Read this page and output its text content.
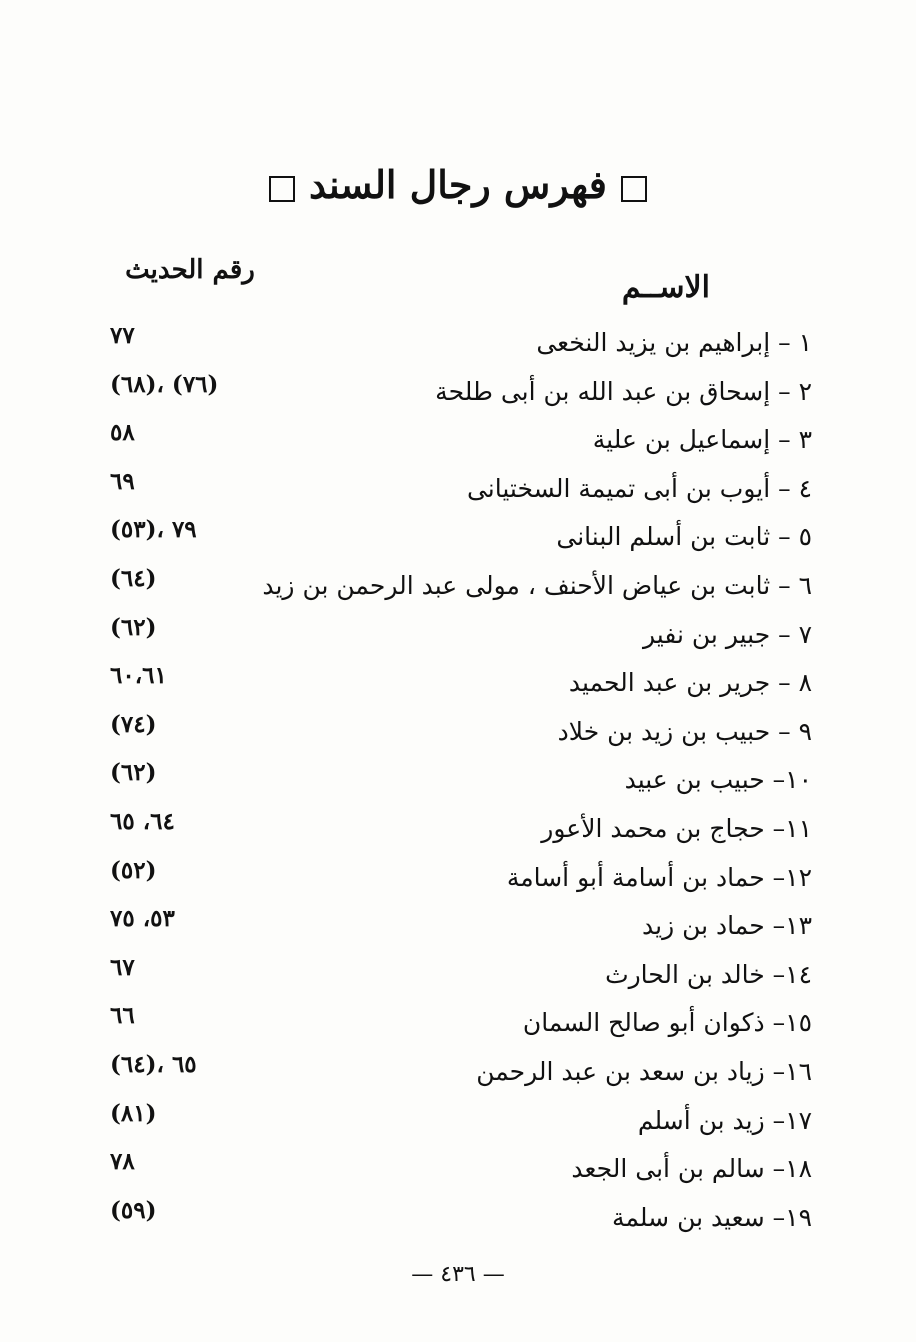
فهرس رجال السند
الاســم
رقم الحديث
١ – إبراهيم بن يزيد النخعى
٧٧
٢ – إسحاق بن عبد الله بن أبى طلحة
(٦٨)، (٧٦)
٣ – إسماعيل بن علية
٥٨
٤ – أيوب بن أبى تميمة السختيانى
٦٩
٥ – ثابت بن أسلم البنانى
(٥٣)، ٧٩
٦ – ثابت بن عياض الأحنف ، مولى عبد الرحمن بن زيد
(٦٤)
٧ – جبير بن نفير
(٦٢)
٨ – جرير بن عبد الحميد
٦٠،٦١
٩ – حبيب بن زيد بن خلاد
(٧٤)
١٠– حبيب بن عبيد
(٦٢)
١١– حجاج بن محمد الأعور
٦٤، ٦٥
١٢– حماد بن أسامة أبو أسامة
(٥٢)
١٣– حماد بن زيد
٥٣، ٧٥
١٤– خالد بن الحارث
٦٧
١٥– ذكوان أبو صالح السمان
٦٦
١٦– زياد بن سعد بن عبد الرحمن
(٦٤)، ٦٥
١٧– زيد بن أسلم
(٨١)
١٨– سالم بن أبى الجعد
٧٨
١٩– سعيد بن سلمة
(٥٩)
— ٤٣٦ —
